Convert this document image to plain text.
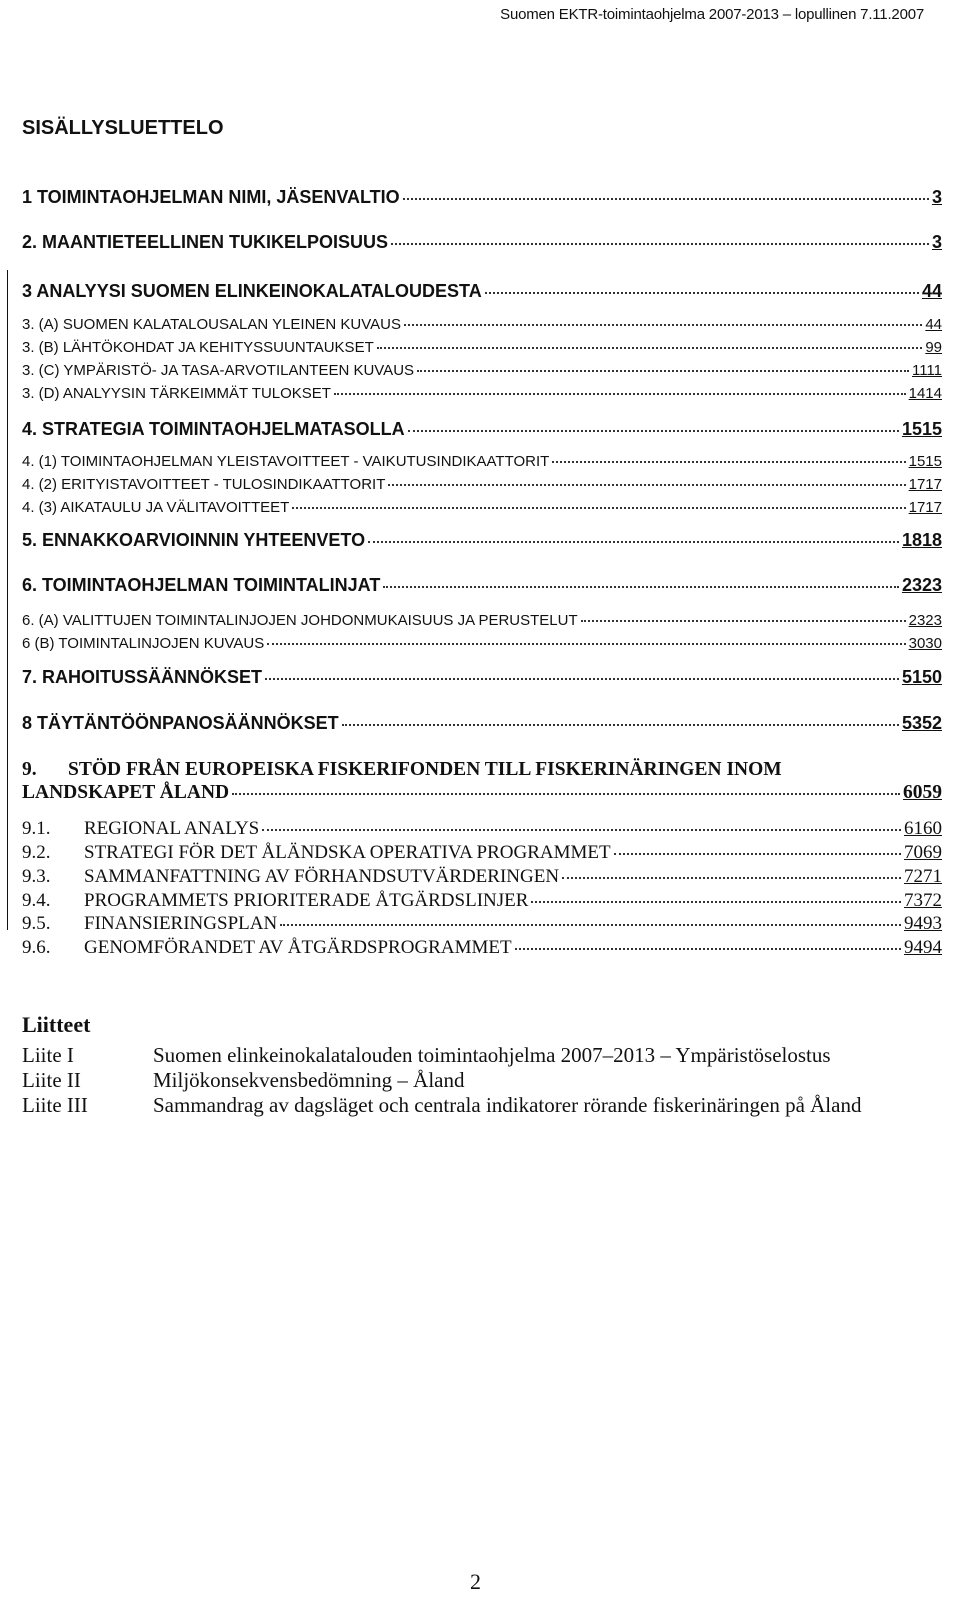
Suomen EKTR-toimintaohjelma 2007-2013 – lopullinen 7.11.2007
SISÄLLYSLUETTELO
1 TOIMINTAOHJELMAN NIMI, JÄSENVALTIO	3
2. MAANTIETEELLINEN TUKIKELPOISUUS	3
3 ANALYYSI SUOMEN ELINKEINOKALATALOUDESTA	44
3. (A) SUOMEN KALATALOUSALAN YLEINEN KUVAUS	44
3. (B) LÄHTÖKOHDAT JA KEHITYSSUUNTAUKSET	99
3. (C) YMPÄRISTÖ- JA TASA-ARVOTILANTEEN KUVAUS	1111
3. (D) ANALYYSIN TÄRKEIMMÄT TULOKSET	1414
4. STRATEGIA TOIMINTAOHJELMATASOLLA	1515
4. (1) TOIMINTAOHJELMAN YLEISTAVOITTEET - VAIKUTUSINDIKAATTORIT	1515
4. (2) ERITYISTAVOITTEET - TULOSINDIKAATTORIT	1717
4. (3) AIKATAULU JA VÄLITAVOITTEET	1717
5. ENNAKKOARVIOINNIN YHTEENVETO	1818
6. TOIMINTAOHJELMAN TOIMINTALINJAT	2323
6. (A) VALITTUJEN TOIMINTALINJOJEN JOHDONMUKAISUUS JA PERUSTELUT	2323
6 (B) TOIMINTALINJOJEN KUVAUS	3030
7. RAHOITUSSÄÄNNÖKSET	5150
8 TÄYTÄNTÖÖNPANOSÄÄNNÖKSET	5352
9. STÖD FRÅN EUROPEISKA FISKERIFONDEN TILL FISKERINÄRINGEN INOM
LANDSKAPET ÅLAND	6059
9.1. REGIONAL ANALYS	6160
9.2. STRATEGI FÖR DET ÅLÄNDSKA OPERATIVA PROGRAMMET	7069
9.3. SAMMANFATTNING AV FÖRHANDSUTVÄRDERINGEN	7271
9.4. PROGRAMMETS PRIORITERADE ÅTGÄRDSLINJER	7372
9.5. FINANSIERINGSPLAN	9493
9.6. GENOMFÖRANDET AV ÅTGÄRDSPROGRAMMET	9494
Liitteet
Liite I	Suomen elinkeinokalatalouden toimintaohjelma 2007–2013 – Ympäristöselostus
Liite II	Miljökonsekvensbedömning – Åland
Liite III	Sammandrag av dagsläget och centrala indikatorer rörande fiskerinäringen på Åland
2
